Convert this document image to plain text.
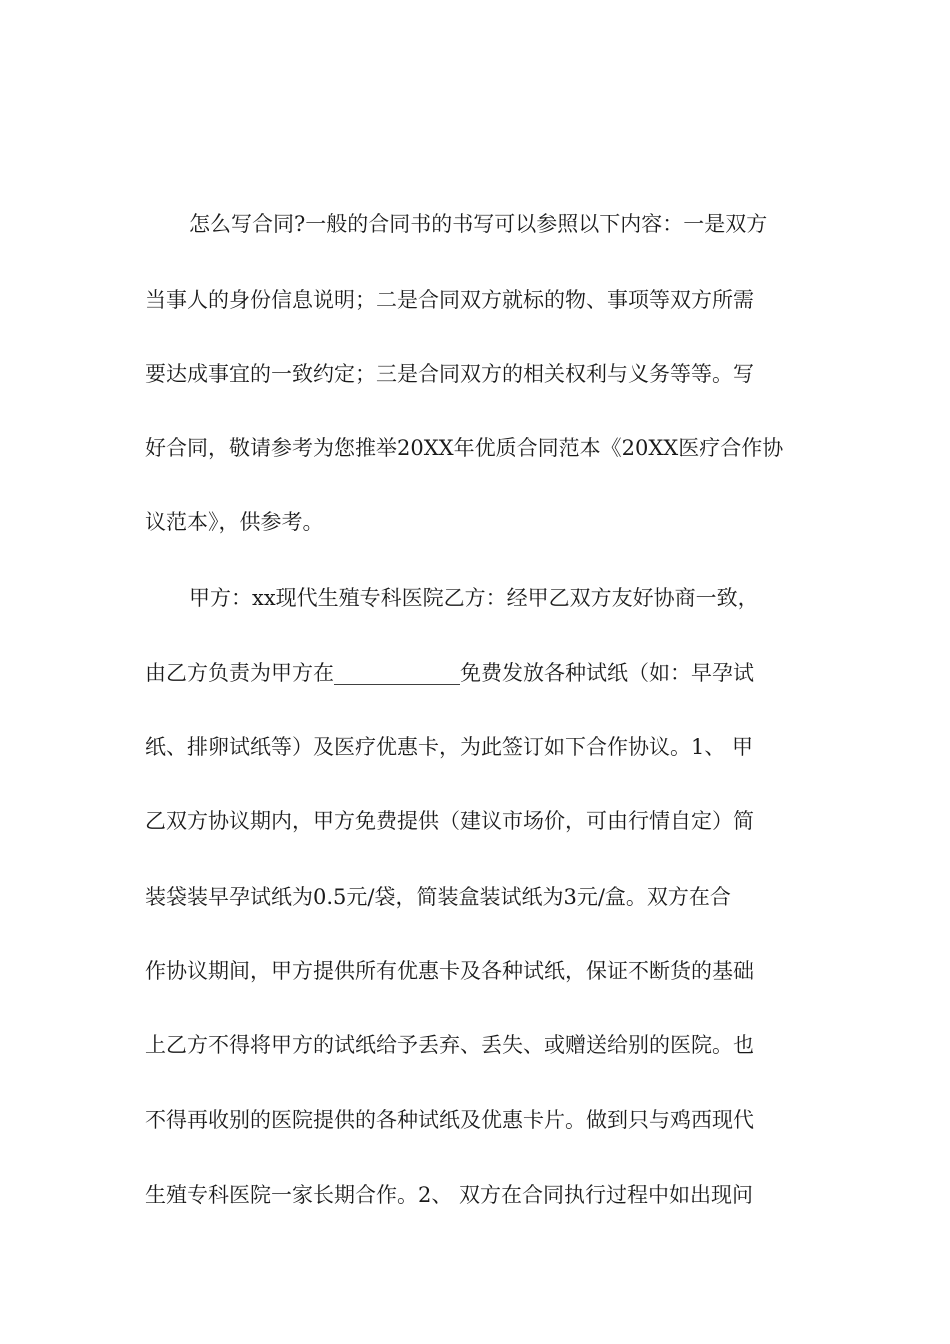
怎么写合同?一般的合同书的书写可以参照以下内容：一是双方
当事人的身份信息说明；二是合同双方就标的物、事项等双方所需
要达成事宜的一致约定；三是合同双方的相关权利与义务等等。写
好合同，敬请参考为您推举20XX年优质合同范本《20XX医疗合作协
议范本》，供参考。
甲方：xx现代生殖专科医院乙方：经甲乙双方友好协商一致，
由乙方负责为甲方在____________免费发放各种试纸（如：早孕试
纸、排卵试纸等）及医疗优惠卡，为此签订如下合作协议。1、 甲
乙双方协议期内，甲方免费提供（建议市场价，可由行情自定）简
装袋装早孕试纸为0.5元/袋，简装盒装试纸为3元/盒。双方在合
作协议期间，甲方提供所有优惠卡及各种试纸，保证不断货的基础
上乙方不得将甲方的试纸给予丢弃、丢失、或赠送给别的医院。也
不得再收别的医院提供的各种试纸及优惠卡片。做到只与鸡西现代
生殖专科医院一家长期合作。2、 双方在合同执行过程中如出现问
